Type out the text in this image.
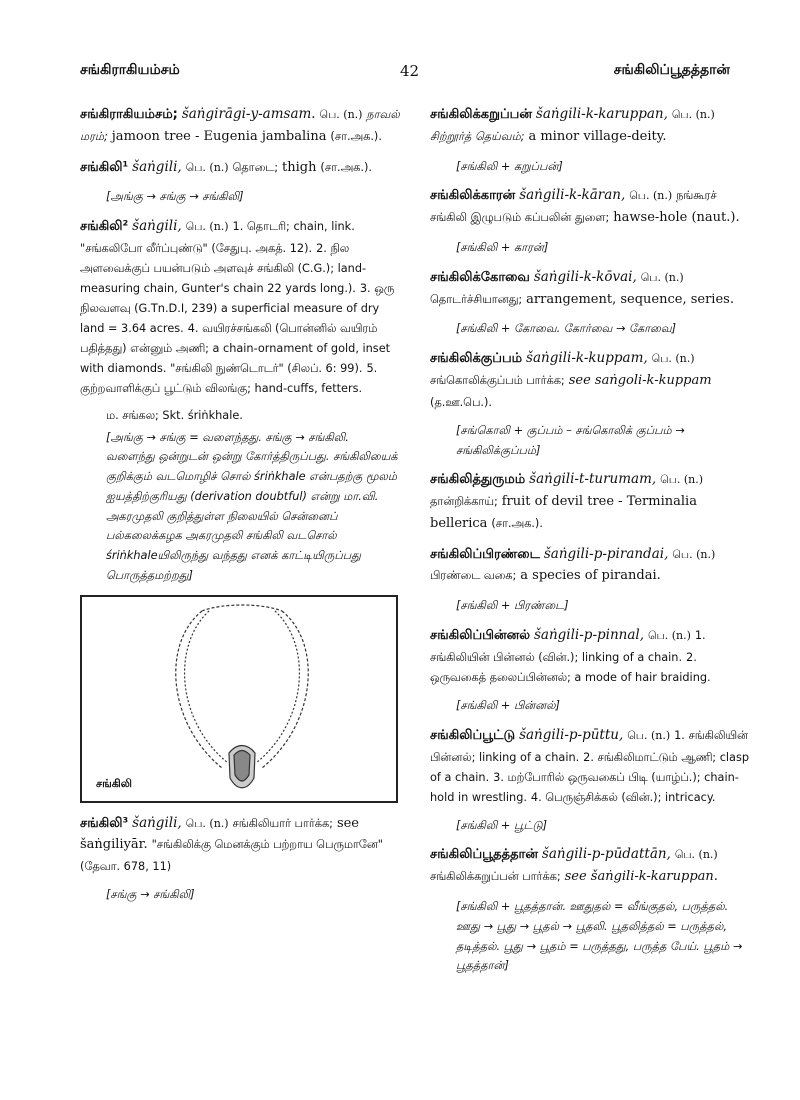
சங்கிராகியம்சம்	42	சங்கிலிப்பூதத்தான்
சங்கிராகியம்சம்; šaṅgirāgi-y-amsam. பெ. (n.) நாவல் மரம்; jamoon tree - Eugenia jambalina (சா.அக.).
சங்கிலி¹ šaṅgili, பெ. (n.) தொடை; thigh (சா.அக.).
[அங்கு → சங்கு → சங்கிலி]

சங்கிலி² šaṅgili, பெ. (n.) 1. தொடரி; chain, link. "சங்கலிபோ லீர்ப்புண்டு" (சேதுபு. அகத். 12). 2. நில அளவைக்குப் பயன்படும் அளவுச் சங்கிலி (C.G.); land-measuring chain, Gunter's chain 22 yards long.). 3. ஒரு நிலவளவு (G.Tn.D.I, 239) a superficial measure of dry land = 3.64 acres. 4. வயிரச்சங்கலி (பொன்னில் வயிரம் பதித்தது) என்னும் அணி; a chain-ornament of gold, inset with diamonds. "சங்கிலி நுண்டொடர்" (சிலப். 6: 99). 5. குற்றவாளிக்குப் பூட்டும் விலங்கு; hand-cuffs, fetters.

ம. சங்கல; Skt. śriṅkhale.
[அங்கு → சங்கு = வளைந்தது. சங்கு → சங்கிலி. வளைந்து ஒன்றுடன் ஒன்று கோர்த்திருப்பது. சங்கிலியைக் குறிக்கும் வடமொழிச் சொல் śriṅkhale என்பதற்கு மூலம் ஐயத்திற்குரியது (derivation doubtful) என்று மா.வி. அகரமுதலி குறித்துள்ள நிலையில் சென்னைப் பல்கலைக்கழக அகரமுதலி சங்கிலி வடசொல் śriṅkhaleயிலிருந்து வந்தது எனக் காட்டியிருப்பது பொருத்தமற்றது]
சங்கிலி
சங்கிலி³ šaṅgili, பெ. (n.) சங்கிலியார் பார்க்க; see šaṅgiliyār. "சங்கிலிக்கு மெனக்கும் பற்றாய பெருமானே" (தேவா. 678, 11)
[சங்கு → சங்கிலி]
சங்கிலிக்கறுப்பன் šaṅgili-k-karuppan, பெ. (n.) சிற்றூர்த் தெய்வம்; a minor village-deity.
[சங்கிலி + கறுப்பன்]
சங்கிலிக்காரன் šaṅgili-k-kāran, பெ. (n.) நங்கூரச் சங்கிலி இழுபடும் கப்பலின் துளை; hawse-hole (naut.).
[சங்கிலி + காரன்]
சங்கிலிக்கோவை šaṅgili-k-kōvai, பெ. (n.) தொடர்ச்சியானது; arrangement, sequence, series.
[சங்கிலி + கோவை. கோர்வை → கோவை]
சங்கிலிக்குப்பம் šaṅgili-k-kuppam, பெ. (n.) சங்கொலிக்குப்பம் பார்க்க; see saṅgoli-k-kuppam (த.ஊ.பெ.).
[சங்கொலி + குப்பம் – சங்கொலிக் குப்பம் → சங்கிலிக்குப்பம்]
சங்கிலித்துருமம் šaṅgili-t-turumam, பெ. (n.) தான்றிக்காய்; fruit of devil tree - Terminalia bellerica (சா.அக.).
சங்கிலிப்பிரண்டை šaṅgili-p-pirandai, பெ. (n.) பிரண்டை வகை; a species of pirandai.
[சங்கிலி + பிரண்டை]
சங்கிலிப்பின்னல் šaṅgili-p-pinnal, பெ. (n.) 1. சங்கிலியின் பின்னல் (வின்.); linking of a chain. 2. ஒருவகைத் தலைப்பின்னல்; a mode of hair braiding.
[சங்கிலி + பின்னல்]
சங்கிலிப்பூட்டு šaṅgili-p-pūttu, பெ. (n.) 1. சங்கிலியின் பின்னல்; linking of a chain. 2. சங்கிலிமாட்டும் ஆணி; clasp of a chain. 3. மற்போரில் ஒருவகைப் பிடி (யாழ்ப்.); chain-hold in wrestling. 4. பெருஞ்சிக்கல் (வின்.); intricacy.
[சங்கிலி + பூட்டு]
சங்கிலிப்பூதத்தான் šaṅgili-p-pūdattān, பெ. (n.) சங்கிலிக்கறுப்பன் பார்க்க; see šaṅgili-k-karuppan.
[சங்கிலி + பூதத்தான். ஊதுதல் = வீங்குதல், பருத்தல். ஊது → பூது → பூதல் → பூதலி. பூதலித்தல் = பருத்தல், தடித்தல். பூது → பூதம் = பருத்தது, பருத்த பேய். பூதம் → பூதத்தான்]
